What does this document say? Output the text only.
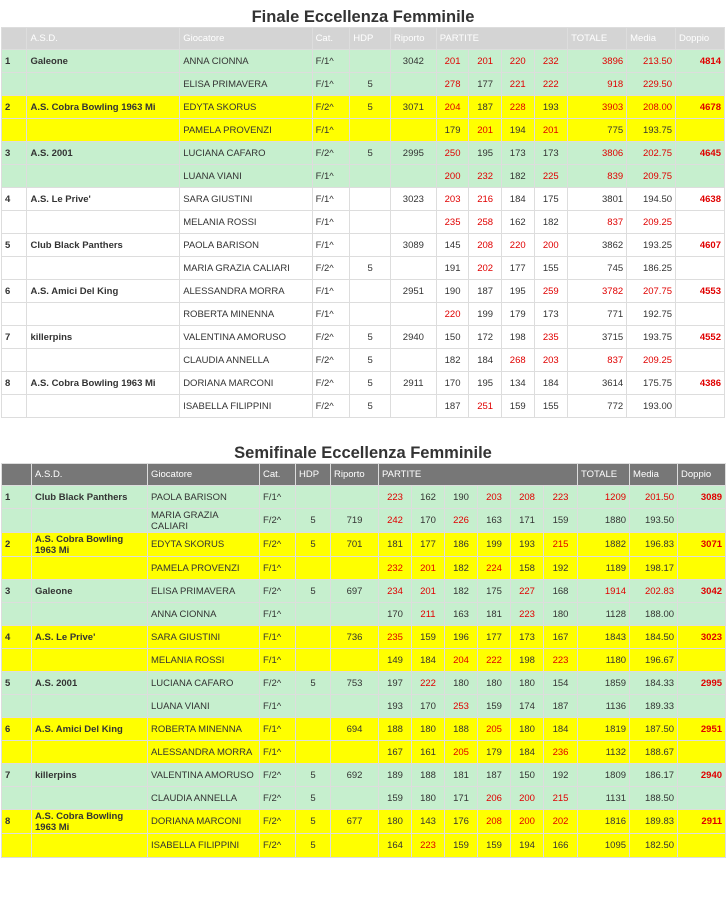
Finale Eccellenza Femminile
	A.S.D.	Giocatore	Cat.	HDP	Riporto	PARTITE				TOTALE	Media	Doppio
1	Galeone	ANNA CIONNA	F/1^		3042	201	201	220	232	3896	213.50	4814
		ELISA PRIMAVERA	F/1^	5		278	177	221	222	918	229.50	
2	A.S. Cobra Bowling 1963 Mi	EDYTA SKORUS	F/2^	5	3071	204	187	228	193	3903	208.00	4678
		PAMELA PROVENZI	F/1^			179	201	194	201	775	193.75	
3	A.S. 2001	LUCIANA CAFARO	F/2^	5	2995	250	195	173	173	3806	202.75	4645
		LUANA VIANI	F/1^			200	232	182	225	839	209.75	
4	A.S. Le Prive'	SARA GIUSTINI	F/1^		3023	203	216	184	175	3801	194.50	4638
		MELANIA ROSSI	F/1^			235	258	162	182	837	209.25	
5	Club Black Panthers	PAOLA BARISON	F/1^		3089	145	208	220	200	3862	193.25	4607
		MARIA GRAZIA CALIARI	F/2^	5		191	202	177	155	745	186.25	
6	A.S. Amici Del King	ALESSANDRA MORRA	F/1^		2951	190	187	195	259	3782	207.75	4553
		ROBERTA MINENNA	F/1^			220	199	179	173	771	192.75	
7	killerpins	VALENTINA AMORUSO	F/2^	5	2940	150	172	198	235	3715	193.75	4552
		CLAUDIA ANNELLA	F/2^	5		182	184	268	203	837	209.25	
8	A.S. Cobra Bowling 1963 Mi	DORIANA MARCONI	F/2^	5	2911	170	195	134	184	3614	175.75	4386
		ISABELLA FILIPPINI	F/2^	5		187	251	159	155	772	193.00	
Semifinale Eccellenza Femminile
	A.S.D.	Giocatore	Cat.	HDP	Riporto	PARTITE						TOTALE	Media	Doppio
1	Club Black Panthers	PAOLA BARISON	F/1^			223	162	190	203	208	223	1209	201.50	3089
		MARIA GRAZIA CALIARI	F/2^	5	719	242	170	226	163	171	159	1880	193.50	
2	A.S. Cobra Bowling 1963 Mi	EDYTA SKORUS	F/2^	5	701	181	177	186	199	193	215	1882	196.83	3071
		PAMELA PROVENZI	F/1^			232	201	182	224	158	192	1189	198.17	
3	Galeone	ELISA PRIMAVERA	F/2^	5	697	234	201	182	175	227	168	1914	202.83	3042
		ANNA CIONNA	F/1^			170	211	163	181	223	180	1128	188.00	
4	A.S. Le Prive'	SARA GIUSTINI	F/1^		736	235	159	196	177	173	167	1843	184.50	3023
		MELANIA ROSSI	F/1^			149	184	204	222	198	223	1180	196.67	
5	A.S. 2001	LUCIANA CAFARO	F/2^	5	753	197	222	180	180	180	154	1859	184.33	2995
		LUANA VIANI	F/1^			193	170	253	159	174	187	1136	189.33	
6	A.S. Amici Del King	ROBERTA MINENNA	F/1^		694	188	180	188	205	180	184	1819	187.50	2951
		ALESSANDRA MORRA	F/1^			167	161	205	179	184	236	1132	188.67	
7	killerpins	VALENTINA AMORUSO	F/2^	5	692	189	188	181	187	150	192	1809	186.17	2940
		CLAUDIA ANNELLA	F/2^	5		159	180	171	206	200	215	1131	188.50	
8	A.S. Cobra Bowling 1963 Mi	DORIANA MARCONI	F/2^	5	677	180	143	176	208	200	202	1816	189.83	2911
		ISABELLA FILIPPINI	F/2^	5		164	223	159	159	194	166	1095	182.50	
